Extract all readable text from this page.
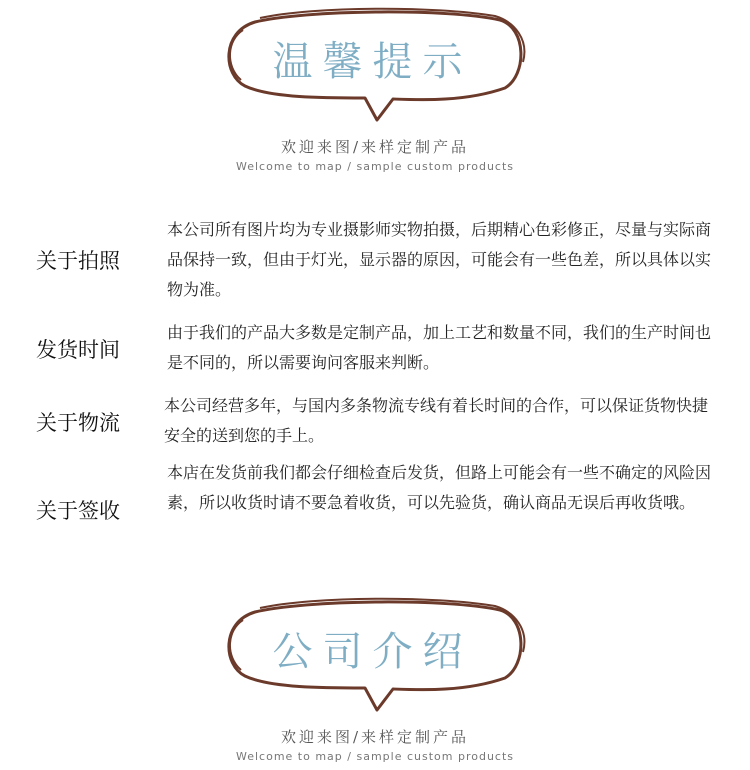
温馨提示
欢迎来图/来样定制产品
Welcome to map / sample custom products
关于拍照
本公司所有图片均为专业摄影师实物拍摄，后期精心色彩修正，尽量与实际商品保持一致，但由于灯光，显示器的原因，可能会有一些色差，所以具体以实物为准。
发货时间
由于我们的产品大多数是定制产品，加上工艺和数量不同，我们的生产时间也是不同的，所以需要询问客服来判断。
关于物流
本公司经营多年，与国内多条物流专线有着长时间的合作，可以保证货物快捷安全的送到您的手上。
关于签收
本店在发货前我们都会仔细检查后发货，但路上可能会有一些不确定的风险因素，所以收货时请不要急着收货，可以先验货，确认商品无误后再收货哦。
公司介绍
欢迎来图/来样定制产品
Welcome to map / sample custom products
